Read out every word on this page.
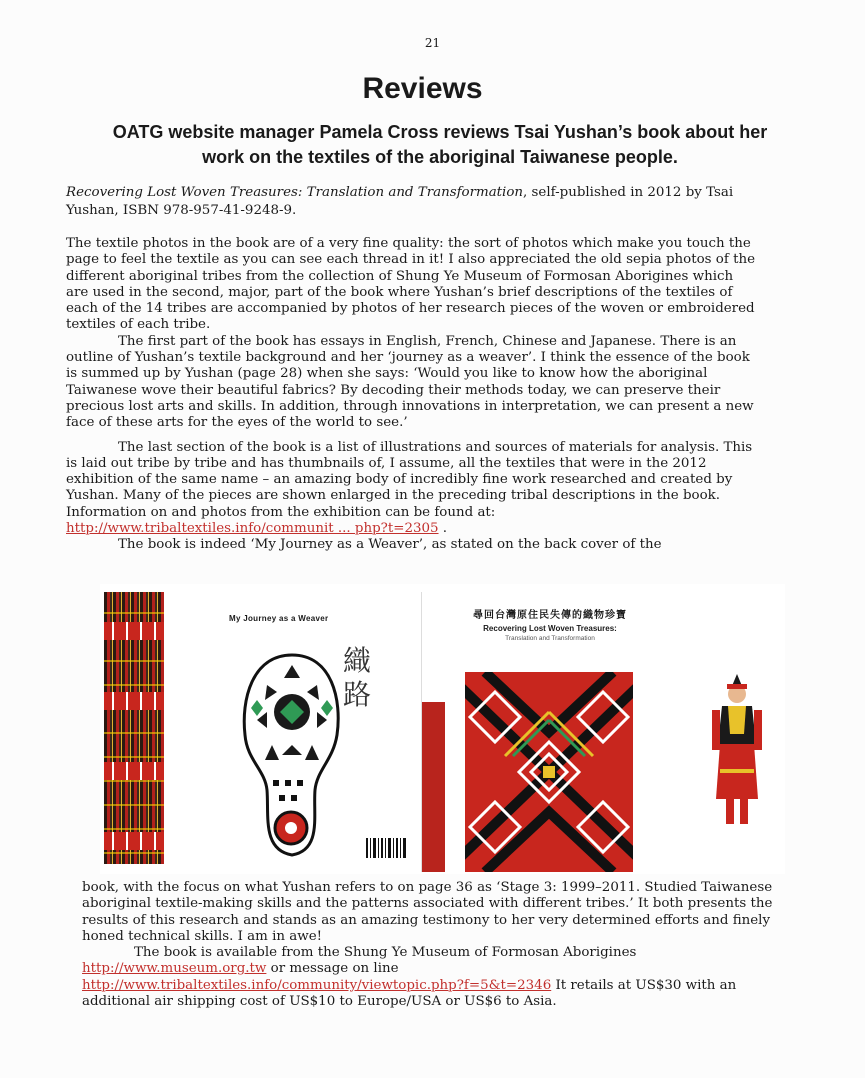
21
Reviews
OATG website manager Pamela Cross reviews Tsai Yushan’s book about her work on the textiles of the aboriginal Taiwanese people.
Recovering Lost Woven Treasures: Translation and Transformation, self-published in 2012 by Tsai Yushan, ISBN 978-957-41-9248-9.

The textile photos in the book are of a very fine quality: the sort of photos which make you touch the page to feel the textile as you can see each thread in it! I also appreciated the old sepia photos of the different aboriginal tribes from the collection of Shung Ye Museum of Formosan Aborigines which are used in the second, major, part of the book where Yushan’s brief descriptions of the textiles of each of the 14 tribes are accompanied by photos of her research pieces of the woven or embroidered textiles of each tribe.

The first part of the book has essays in English, French, Chinese and Japanese. There is an outline of Yushan’s textile background and her ‘journey as a weaver’. I think the essence of the book is summed up by Yushan (page 28) when she says: ‘Would you like to know how the aboriginal Taiwanese wove their beautiful fabrics? By decoding their methods today, we can preserve their precious lost arts and skills. In addition, through innovations in interpretation, we can present a new face of these arts for the eyes of the world to see.’

The last section of the book is a list of illustrations and sources of materials for analysis. This is laid out tribe by tribe and has thumbnails of, I assume, all the textiles that were in the 2012 exhibition of the same name – an amazing body of incredibly fine work researched and created by Yushan. Many of the pieces are shown enlarged in the preceding tribal descriptions in the book. Information on and photos from the exhibition can be found at: http://www.tribaltextiles.info/communit ... php?t=2305 .

The book is indeed ‘My Journey as a Weaver’, as stated on the back cover of the

My Journey as a Weaver
織路
尋回台灣原住民失傳的織物珍寶
Recovering Lost Woven Treasures:
Translation and Transformation

book, with the focus on what Yushan refers to on page 36 as ‘Stage 3: 1999–2011. Studied Taiwanese aboriginal textile-making skills and the patterns associated with different tribes.’ It both presents the results of this research and stands as an amazing testimony to her very determined efforts and finely honed technical skills. I am in awe!

The book is available from the Shung Ye Museum of Formosan Aborigines http://www.museum.org.tw or message on line http://www.tribaltextiles.info/community/viewtopic.php?f=5&t=2346 It retails at US$30 with an additional air shipping cost of US$10 to Europe/USA or US$6 to Asia.
